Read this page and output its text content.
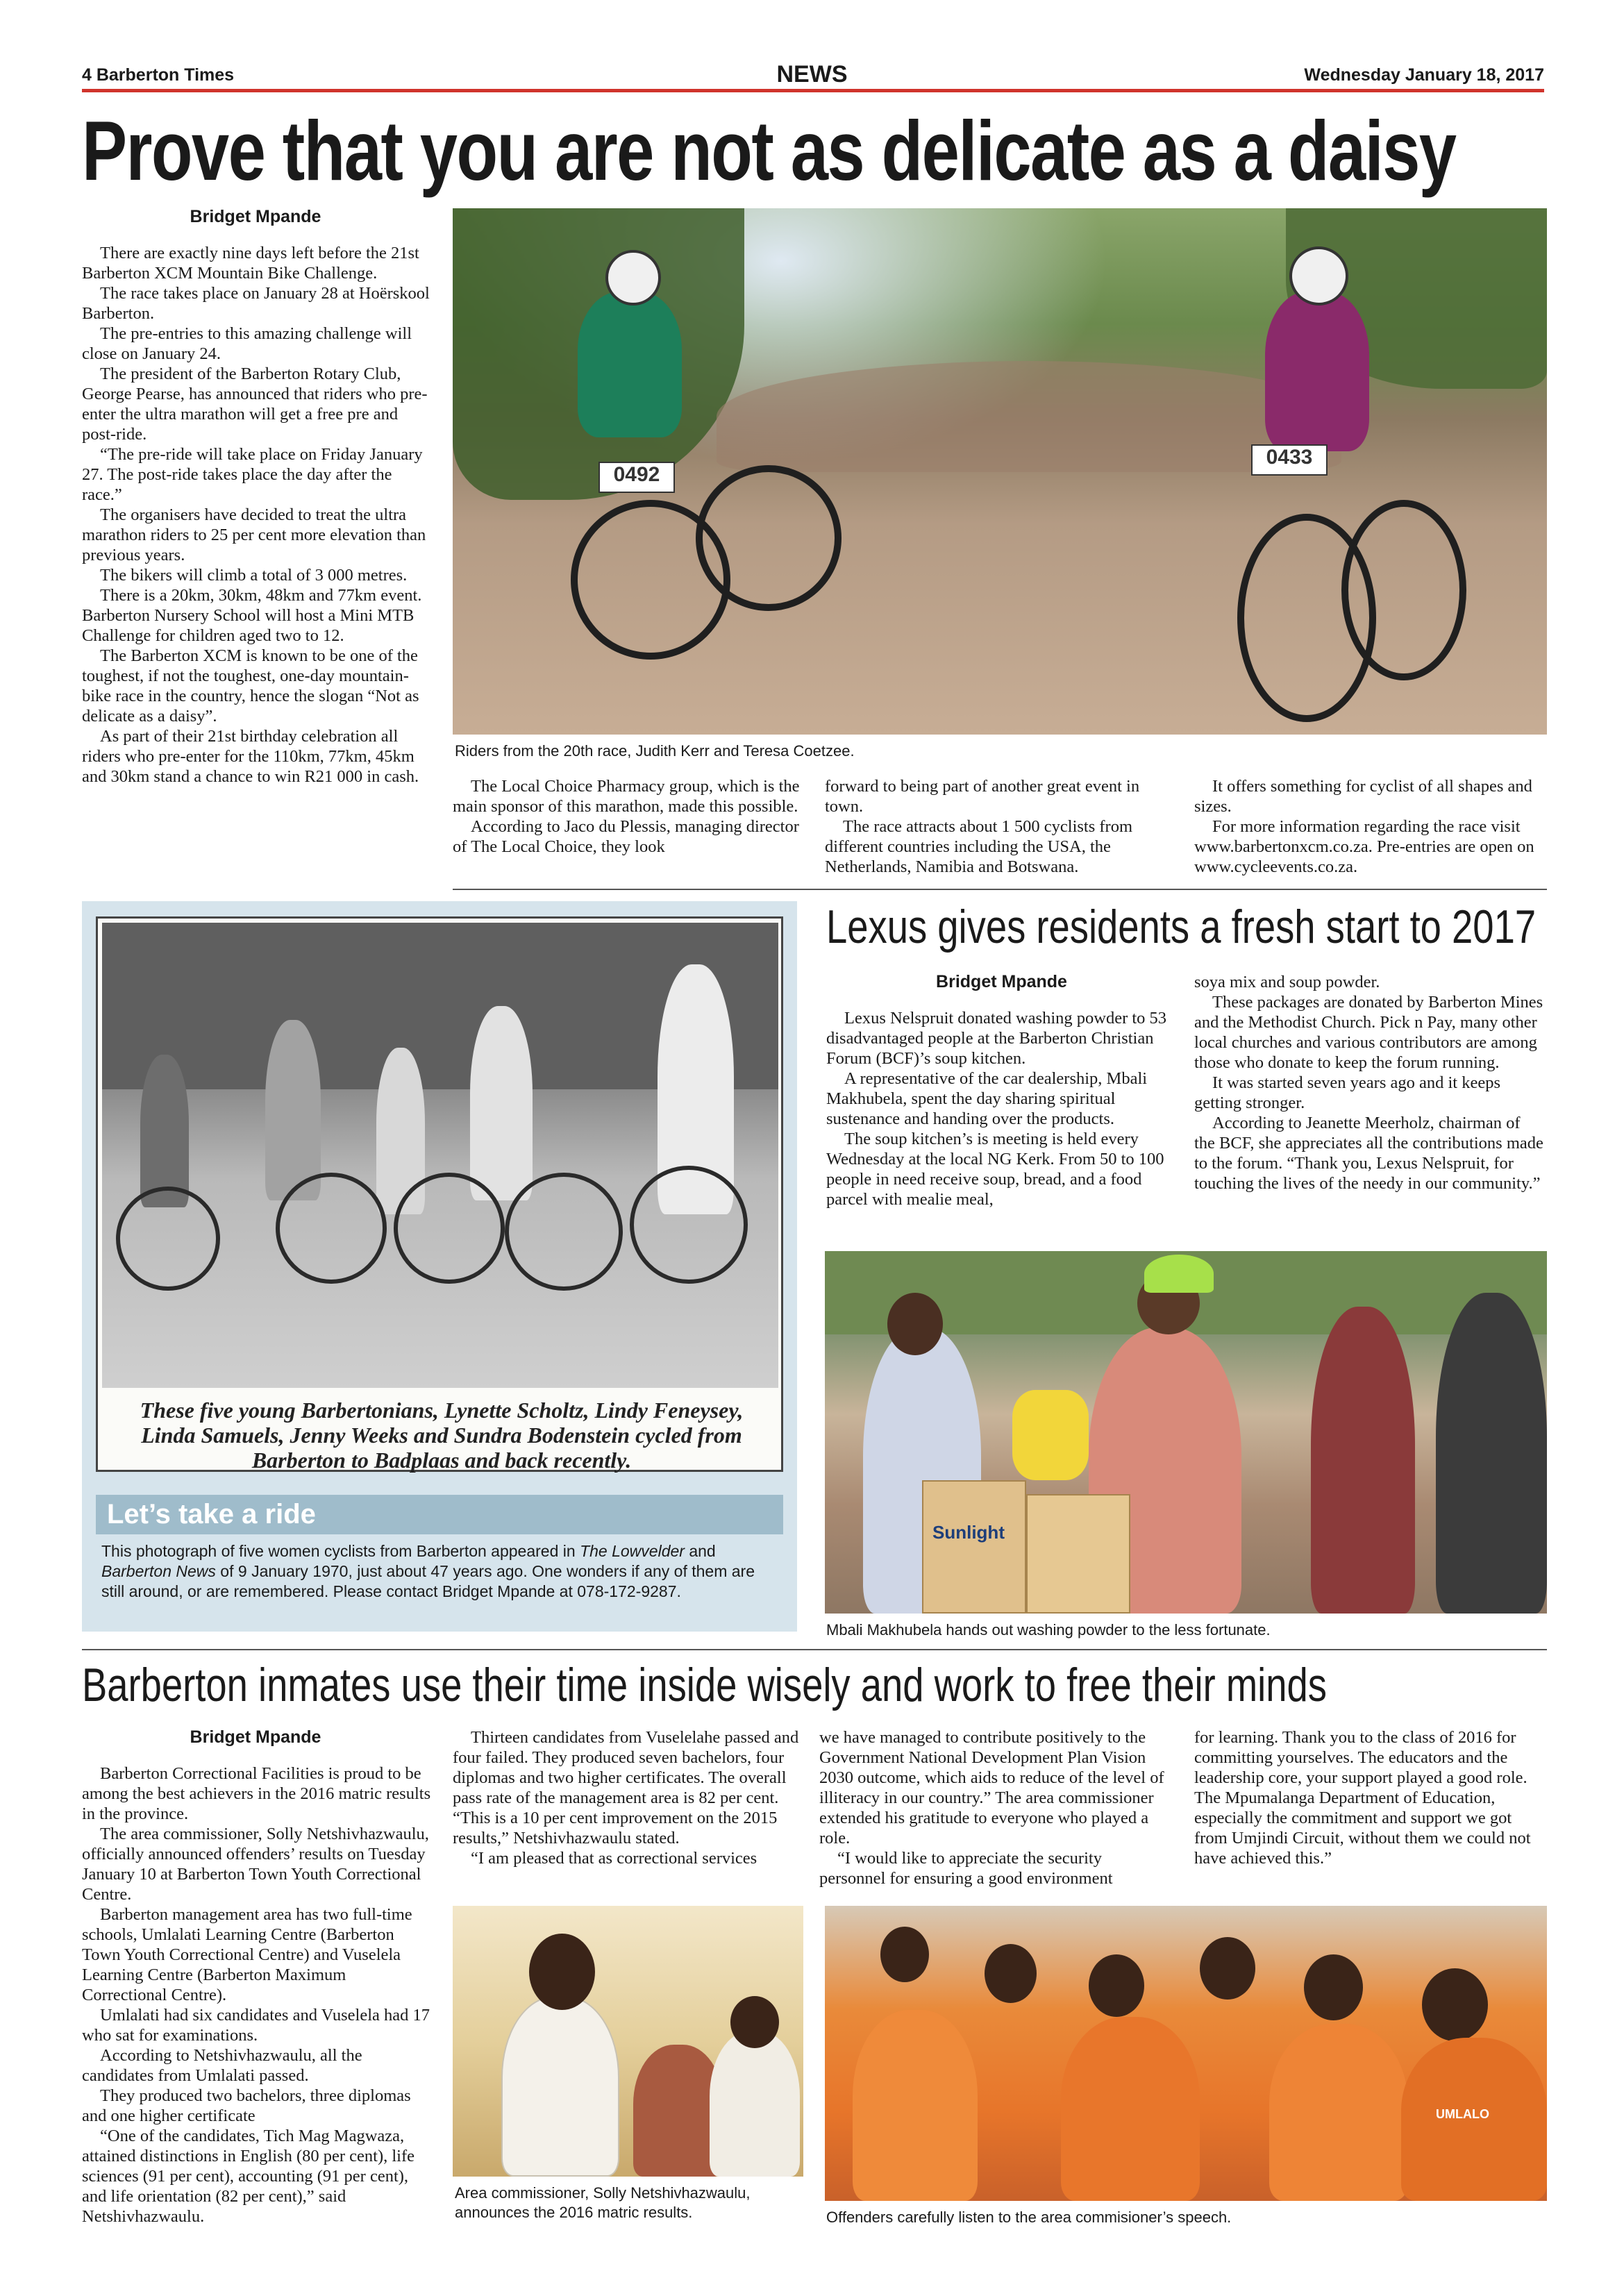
4 Barberton Times	NEWS	Wednesday January 18, 2017
Prove that you are not as delicate as a daisy
Bridget Mpande

There are exactly nine days left before the 21st Barberton XCM Mountain Bike Challenge.

The race takes place on January 28 at Hoërskool Barberton.

The pre-entries to this amazing challenge will close on January 24.

The president of the Barberton Rotary Club, George Pearse, has announced that riders who pre-enter the ultra marathon will get a free pre and post-ride.

“The pre-ride will take place on Friday January 27. The post-ride takes place the day after the race.”

The organisers have decided to treat the ultra marathon riders to 25 per cent more elevation than previous years.

The bikers will climb a total of 3 000 metres.

There is a 20km, 30km, 48km and 77km event. Barberton Nursery School will host a Mini MTB Challenge for children aged two to 12.

The Barberton XCM is known to be one of the toughest, if not the toughest, one-day mountain-bike race in the country, hence the slogan “Not as delicate as a daisy”.

As part of their 21st birthday celebration all riders who pre-enter for the 110km, 77km, 45km and 30km stand a chance to win R21 000 in cash.

0492
0433
Riders from the 20th race, Judith Kerr and Teresa Coetzee.

The Local Choice Pharmacy group, which is the main sponsor of this marathon, made this possible.

According to Jaco du Plessis, managing director of The Local Choice, they look

forward to being part of another great event in town.

The race attracts about 1 500 cyclists from different countries including the USA, the Netherlands, Namibia and Botswana.

It offers something for cyclist of all shapes and sizes.

For more information regarding the race visit www.barbertonxcm.co.za. Pre-entries are open on www.cycleevents.co.za.

These five young Barbertonians, Lynette Scholtz, Lindy Feneysey, Linda Samuels, Jenny Weeks and Sundra Bodenstein cycled from Barberton to Badplaas and back recently.
Let’s take a ride
This photograph of five women cyclists from Barberton appeared in The Lowvelder and Barberton News of 9 January 1970, just about 47 years ago. One wonders if any of them are still around, or are remembered. Please contact Bridget Mpande at 078-172-9287.
Lexus gives residents a fresh start to 2017
Bridget Mpande

Lexus Nelspruit donated washing powder to 53 disadvantaged people at the Barberton Christian Forum (BCF)’s soup kitchen.

A representative of the car dealership, Mbali Makhubela, spent the day sharing spiritual sustenance and handing over the products.

The soup kitchen’s is meeting is held every Wednesday at the local NG Kerk. From 50 to 100 people in need receive soup, bread, and a food parcel with mealie meal,

soya mix and soup powder.

These packages are donated by Barberton Mines and the Methodist Church. Pick n Pay, many other local churches and various contributors are among those who donate to keep the forum running.

It was started seven years ago and it keeps getting stronger.

According to Jeanette Meerholz, chairman of the BCF, she appreciates all the contributions made to the forum. “Thank you, Lexus Nelspruit, for touching the lives of the needy in our community.”

Sunlight
Mbali Makhubela hands out washing powder to the less fortunate.
Barberton inmates use their time inside wisely and work to free their minds
Bridget Mpande

Barberton Correctional Facilities is proud to be among the best achievers in the 2016 matric results in the province.

The area commissioner, Solly Netshivhazwaulu, officially announced offenders’ results on Tuesday January 10 at Barberton Town Youth Correctional Centre.

Barberton management area has two full-time schools, Umlalati Learning Centre (Barberton Town Youth Correctional Centre) and Vuselela Learning Centre (Barberton Maximum Correctional Centre).

Umlalati had six candidates and Vuselela had 17 who sat for examinations.

According to Netshivhazwaulu, all the candidates from Umlalati passed.

They produced two bachelors, three diplomas and one higher certificate

“One of the candidates, Tich Mag Magwaza, attained distinctions in English (80 per cent), life sciences (91 per cent), accounting (91 per cent), and life orientation (82 per cent),” said Netshivhazwaulu.

Thirteen candidates from Vuselelahe passed and four failed. They produced seven bachelors, four diplomas and two higher certificates. The overall pass rate of the management area is 82 per cent. “This is a 10 per cent improvement on the 2015 results,” Netshivhazwaulu stated.

“I am pleased that as correctional services

we have managed to contribute positively to the Government National Development Plan Vision 2030 outcome, which aids to reduce of the level of illiteracy in our country.” The area commissioner extended his gratitude to everyone who played a role.

“I would like to appreciate the security personnel for ensuring a good environment

for learning. Thank you to the class of 2016 for committing yourselves. The educators and the leadership core, your support played a good role. The Mpumalanga Department of Education, especially the commitment and support we got from Umjindi Circuit, without them we could not have achieved this.”

Area commissioner, Solly Netshivhazwaulu, announces the 2016 matric results.
UMLALO
Offenders carefully listen to the area commisioner’s speech.
